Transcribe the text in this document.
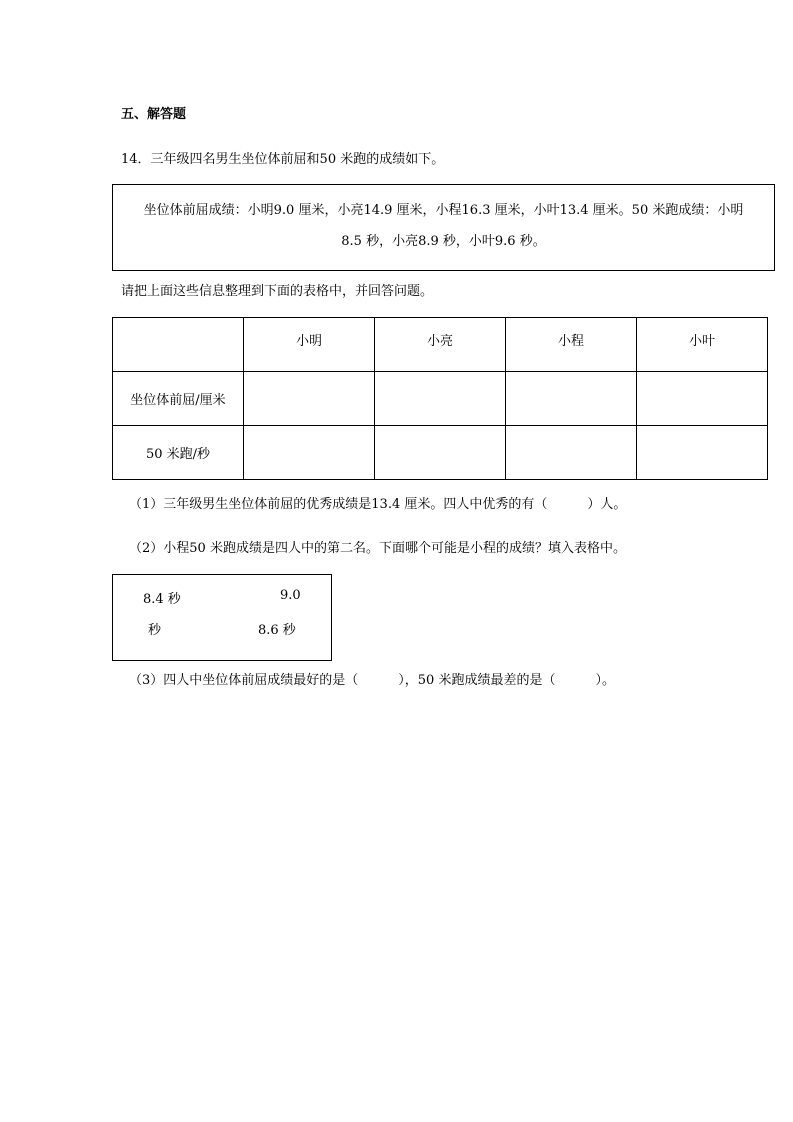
五、解答题
14．三年级四名男生坐位体前屈和50 米跑的成绩如下。
坐位体前屈成绩：小明9.0 厘米，小亮14.9 厘米，小程16.3 厘米，小叶13.4 厘米。50 米跑成绩：小明
8.5 秒，小亮8.9 秒，小叶9.6 秒。
请把上面这些信息整理到下面的表格中，并回答问题。
	小明	小亮	小程	小叶
坐位体前屈/厘米				
50 米跑/秒				
（1）三年级男生坐位体前屈的优秀成绩是13.4 厘米。四人中优秀的有（	）人。
（2）小程50 米跑成绩是四人中的第二名。下面哪个可能是小程的成绩？填入表格中。
8.4 秒	9.0
秒	8.6 秒
（3）四人中坐位体前屈成绩最好的是（	），50 米跑成绩最差的是（	）。
